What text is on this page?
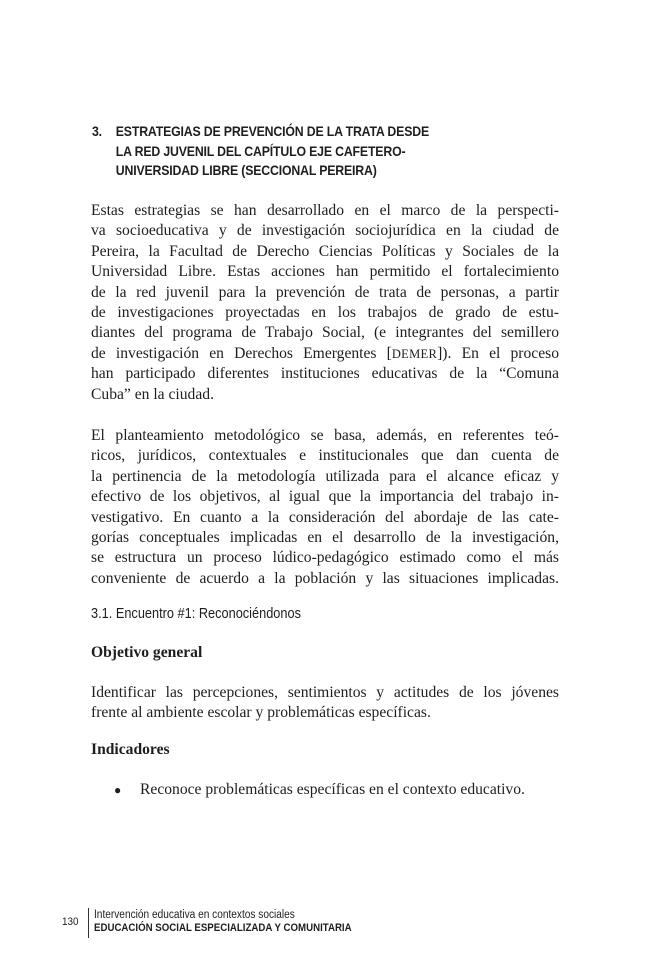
3. ESTRATEGIAS DE PREVENCIÓN DE LA TRATA DESDE
LA RED JUVENIL DEL CAPÍTULO EJE CAFETERO-
UNIVERSIDAD LIBRE (SECCIONAL PEREIRA)
Estas estrategias se han desarrollado en el marco de la perspecti-
va socioeducativa y de investigación sociojurídica en la ciudad de
Pereira, la Facultad de Derecho Ciencias Políticas y Sociales de la
Universidad Libre. Estas acciones han permitido el fortalecimiento
de la red juvenil para la prevención de trata de personas, a partir
de investigaciones proyectadas en los trabajos de grado de estu-
diantes del programa de Trabajo Social, (e integrantes del semillero
de investigación en Derechos Emergentes [DEMER]). En el proceso
han participado diferentes instituciones educativas de la “Comuna
Cuba” en la ciudad.
El planteamiento metodológico se basa, además, en referentes teó-
ricos, jurídicos, contextuales e institucionales que dan cuenta de
la pertinencia de la metodología utilizada para el alcance eficaz y
efectivo de los objetivos, al igual que la importancia del trabajo in-
vestigativo. En cuanto a la consideración del abordaje de las cate-
gorías conceptuales implicadas en el desarrollo de la investigación,
se estructura un proceso lúdico-pedagógico estimado como el más
conveniente de acuerdo a la población y las situaciones implicadas.
3.1. Encuentro #1: Reconociéndonos
Objetivo general
Identificar las percepciones, sentimientos y actitudes de los jóvenes
frente al ambiente escolar y problemáticas específicas.
Indicadores
● Reconoce problemáticas específicas en el contexto educativo.
130
Intervención educativa en contextos sociales
EDUCACIÓN SOCIAL ESPECIALIZADA Y COMUNITARIA
